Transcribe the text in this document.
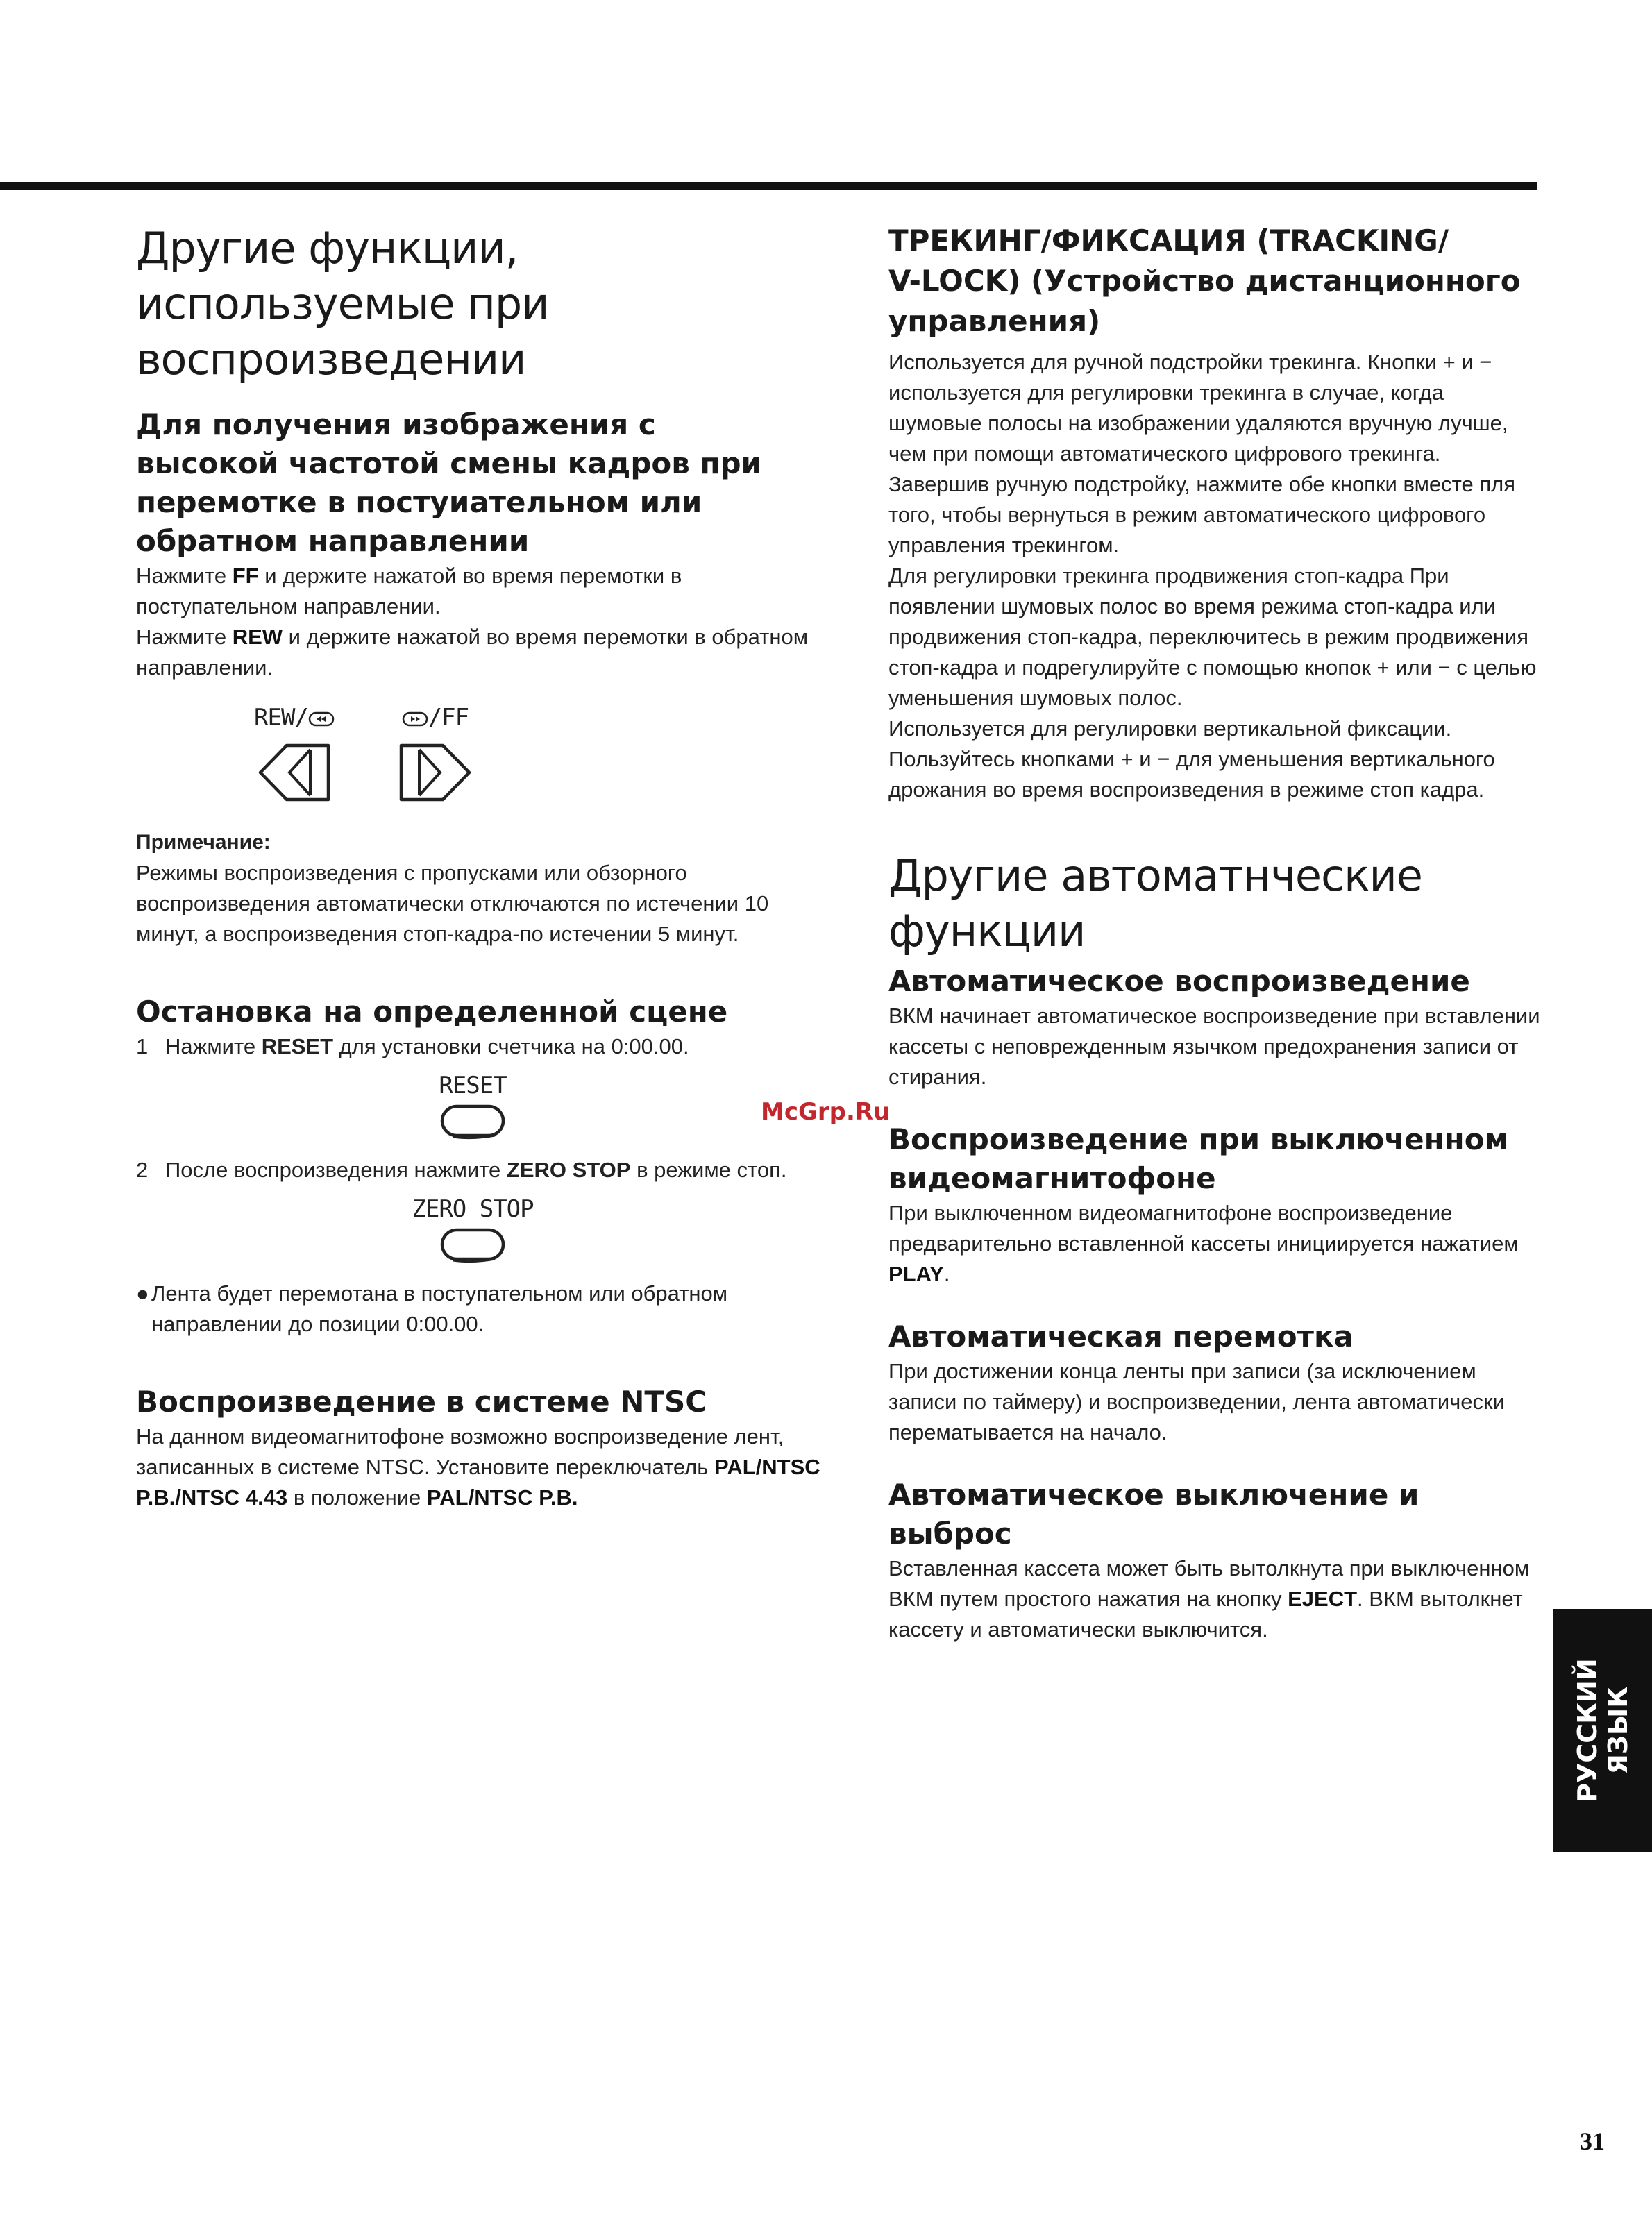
Другие функции,
используемые при
воспроизведении
Для получения изображения с
высокой частотой смены кадров при
перемотке в постуиательном или
обратном направлении

Нажмите FF и держите нажатой во время перемотки в поступательном направлении.

Нажмите REW и держите нажатой во время перемотки в обратном направлении.

REW/	/FF

Примечание:

Режимы воспроизведения с пропусками или обзорного воспроизведения автоматически отключаются по истечении 10 минут, а воспроизведения стоп-кадра-по истечении 5 минут.

Остановка на определенной сцене
1 Нажмите RESET для установки счетчика на 0:00.00.
RESET
2 После воспроизведения нажмите ZERO STOP в режиме стоп.
ZERO STOP
● Лента будет перемотана в поступательном или обратном направлении до позиции 0:00.00.
Воспроизведение в системе NTSC

На данном видеомагнитофоне возможно воспроизведение лент, записанных в системе NTSC. Установите переключатель PAL/NTSC P.B./NTSC 4.43 в положение PAL/NTSC P.B.

ТРЕКИНГ/ФИКСАЦИЯ (TRACKING/
V-LOCK) (Устройство дистанционного
управления)

Используется для ручной подстройки трекинга. Кнопки + и − используется для регулировки трекинга в случае, когда шумовые полосы на изображении удаляются вручную лучше, чем при помощи автоматического цифрового трекинга. Завершив ручную подстройку, нажмите обе кнопки вместе пля того, чтобы вернуться в режим автоматического цифрового управления трекингом.

Для регулировки трекинга продвижения стоп-кадра При появлении шумовых полос во время режима стоп-кадра или продвижения стоп-кадра, переключитесь в режим продвижения стоп-кадра и подрегулируйте с помощью кнопок + или − с целью уменьшения шумовых полос.

Используется для регулировки вертикальной фиксации. Пользуйтесь кнопками + и − для уменьшения вертикального дрожания во время воспроизведения в режиме стоп кадра.

Другие автоматнческие
функции
Автоматическое воспроизведение

ВКМ начинает автоматическое воспроизведение при вставлении кассеты с неповрежденным язычком предохранения записи от стирания.

Воспроизведение при выключенном
видеомагнитофоне

При выключенном видеомагнитофоне воспроизведение предварительно вставленной кассеты инициируется нажатием PLAY.

Автоматическая перемотка

При достижении конца ленты при записи (за исключением записи по таймеру) и воспроизведении, лента автоматически перематывается на начало.

Автоматическое выключение и
выброс

Вставленная кассета может быть вытолкнута при выключенном ВКМ путем простого нажатия на кнопку EJECT. ВКМ вытолкнет кассету и автоматически выключится.

McGrp.Ru
РУССКИЙ
ЯЗЫК
31
